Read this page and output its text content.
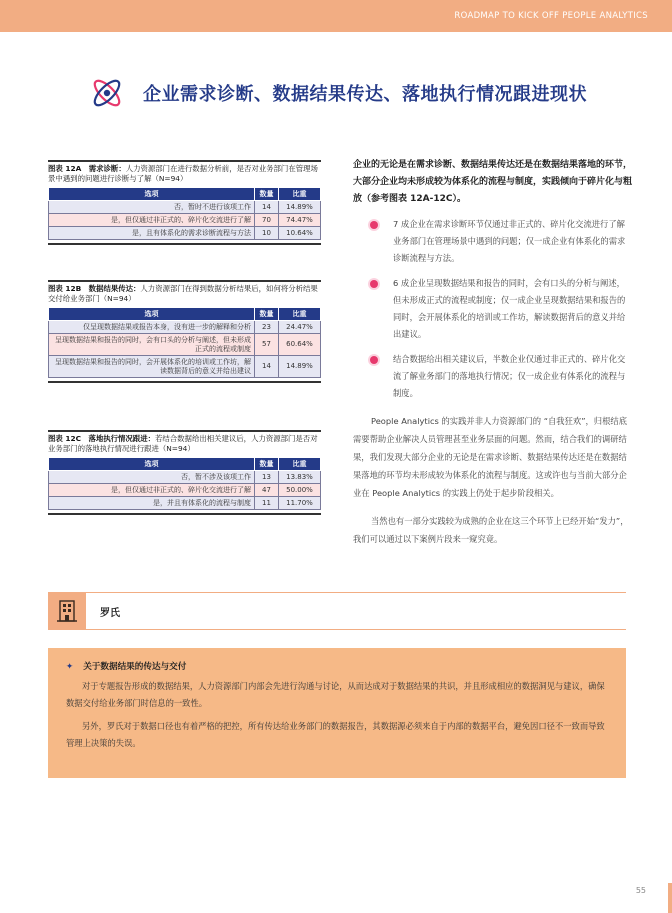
ROADMAP TO KICK OFF PEOPLE ANALYTICS
企业需求诊断、数据结果传达、落地执行情况跟进现状
图表 12A　需求诊断：人力资源部门在进行数据分析前，是否对业务部门在管理场景中遇到的问题进行诊断与了解（N=94）
选项	数量	比重
否，暂时不进行该项工作	14	14.89%
是，但仅通过非正式的、碎片化交流进行了解	70	74.47%
是，且有体系化的需求诊断流程与方法	10	10.64%
图表 12B　数据结果传达：人力资源部门在得到数据分析结果后，如何将分析结果交付给业务部门（N=94）
选项	数量	比重
仅呈现数据结果或报告本身，没有进一步的解释和分析	23	24.47%
呈现数据结果和报告的同时，会有口头的分析与阐述，但未形成正式的流程或制度	57	60.64%
呈现数据结果和报告的同时，会开展体系化的培训或工作坊，解读数据背后的意义并给出建议	14	14.89%
图表 12C　落地执行情况跟进：若结合数据给出相关建议后，人力资源部门是否对业务部门的落地执行情况进行跟进（N=94）
选项	数量	比重
否，暂不涉及该项工作	13	13.83%
是，但仅通过非正式的、碎片化交流进行了解	47	50.00%
是，并且有体系化的流程与制度	11	11.70%

企业的无论是在需求诊断、数据结果传达还是在数据结果落地的环节，大部分企业均未形成较为体系化的流程与制度，实践倾向于碎片化与粗放（参考图表 12A-12C）。

7 成企业在需求诊断环节仅通过非正式的、碎片化交流进行了解业务部门在管理场景中遇到的问题；仅一成企业有体系化的需求诊断流程与方法。
6 成企业呈现数据结果和报告的同时，会有口头的分析与阐述，但未形成正式的流程或制度；仅一成企业呈现数据结果和报告的同时，会开展体系化的培训或工作坊，解读数据背后的意义并给出建议。
结合数据给出相关建议后，半数企业仅通过非正式的、碎片化交流了解业务部门的落地执行情况；仅一成企业有体系化的流程与制度。

People Analytics 的实践并非人力资源部门的 “自我狂欢”，归根结底需要帮助企业解决人员管理甚至业务层面的问题。然而，结合我们的调研结果，我们发现大部分企业的无论是在需求诊断、数据结果传达还是在数据结果落地的环节均未形成较为体系化的流程与制度。这或许也与当前大部分企业在 People Analytics 的实践上仍处于起步阶段相关。

当然也有一部分实践较为成熟的企业在这三个环节上已经开始“发力”，我们可以通过以下案例片段来一窥究竟。

罗氏
✦ 关于数据结果的传达与交付

对于专题报告形成的数据结果，人力资源部门内部会先进行沟通与讨论，从而达成对于数据结果的共识，并且形成相应的数据洞见与建议，确保数据交付给业务部门时信息的一致性。

另外，罗氏对于数据口径也有着严格的把控，所有传达给业务部门的数据报告，其数据源必须来自于内部的数据平台，避免因口径不一致而导致管理上决策的失误。

55
